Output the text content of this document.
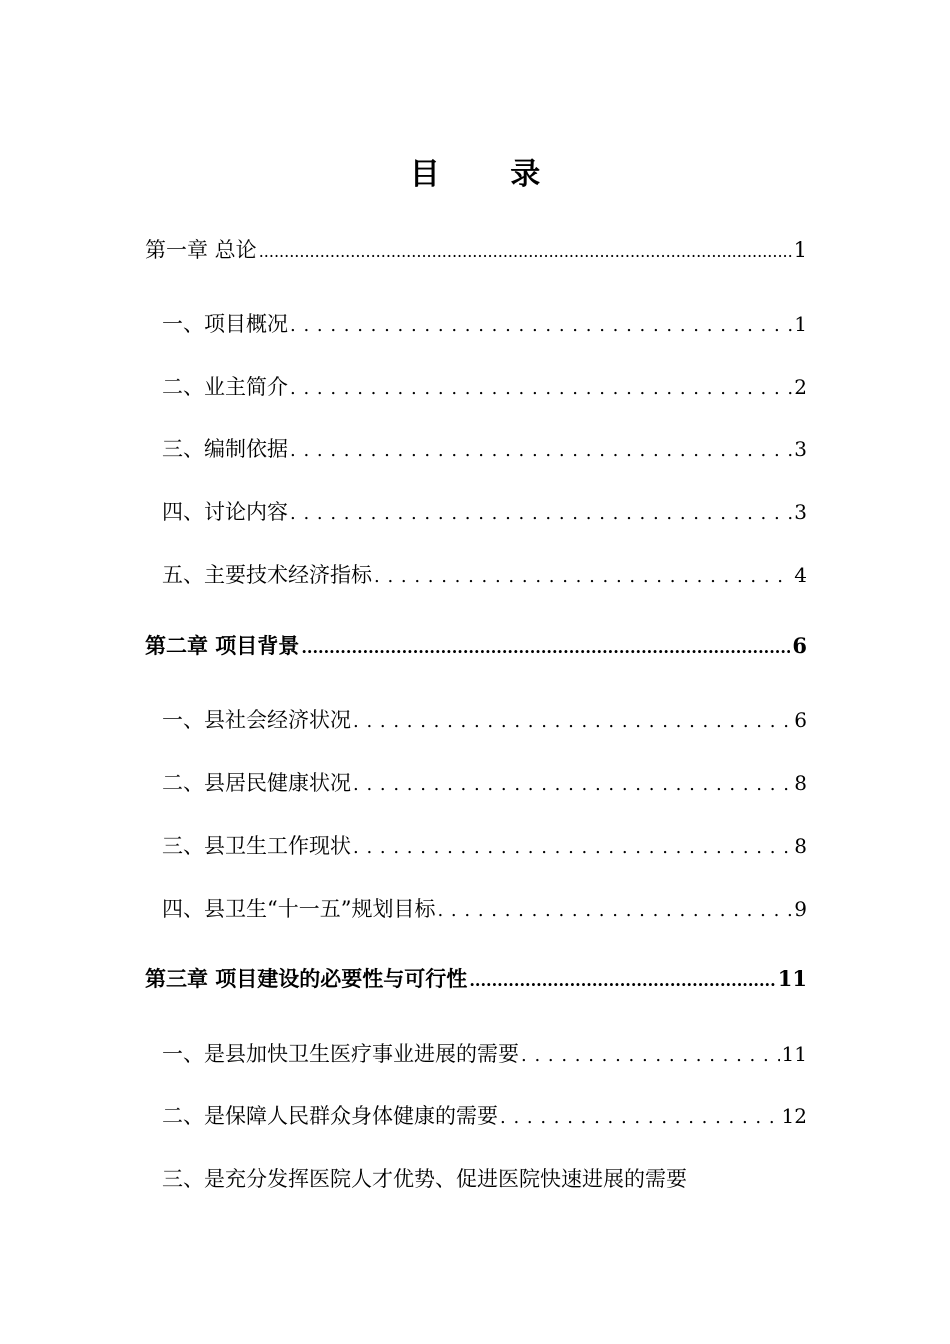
目 录
第一章 总论 .....	1
一、项目概况 . . .	1
二、业主简介 . . .	2
三、编制依据 . . .	3
四、讨论内容 . . .	3
五、主要技术经济指标 . . .	4
第二章 项目背景 .....	6
一、县社会经济状况 . . .	6
二、县居民健康状况 . . .	8
三、县卫生工作现状 . . .	8
四、县卫生“十一五”规划目标 . . .	9
第三章 项目建设的必要性与可行性 .....	11
一、是县加快卫生医疗事业进展的需要 . . .	11
二、是保障人民群众身体健康的需要 . . .	12
三、是充分发挥医院人才优势、促进医院快速进展的需要
